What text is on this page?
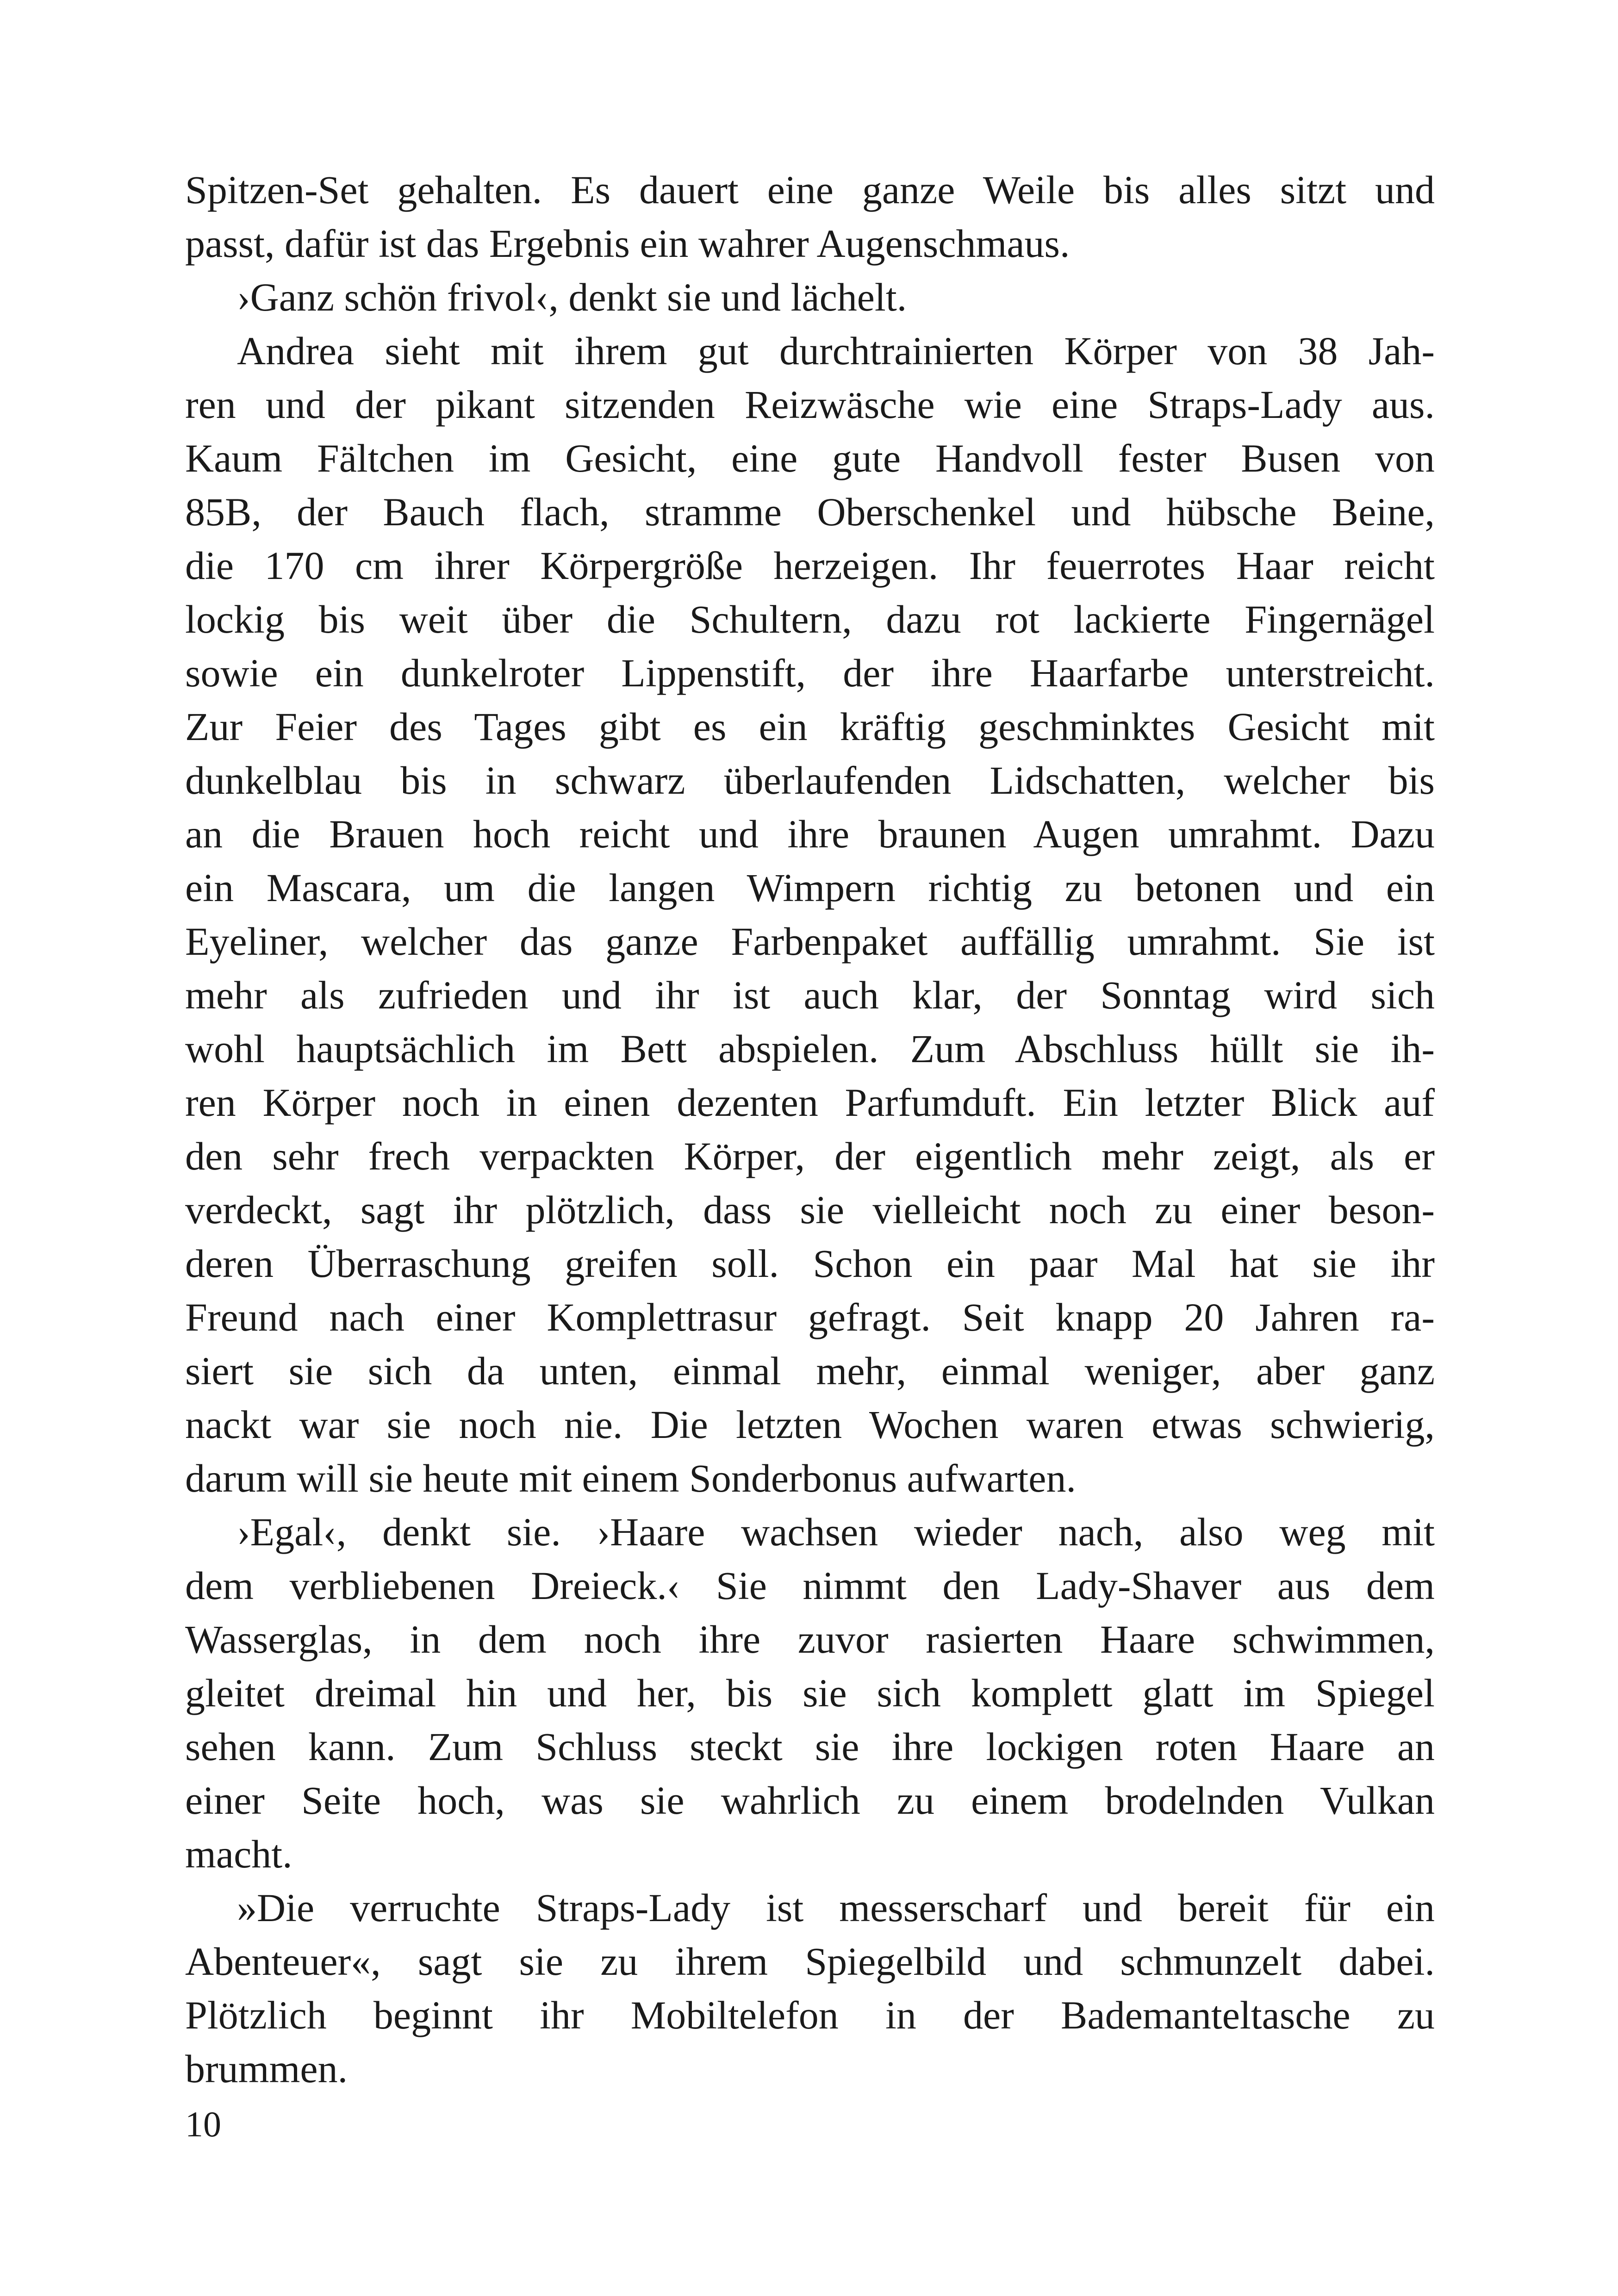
Spitzen-Set gehalten. Es dauert eine ganze Weile bis alles sitzt und
passt, dafür ist das Ergebnis ein wahrer Augenschmaus.
›Ganz schön frivol‹, denkt sie und lächelt.
Andrea sieht mit ihrem gut durchtrainierten Körper von 38 Jah-
ren und der pikant sitzenden Reizwäsche wie eine Straps-Lady aus.
Kaum Fältchen im Gesicht, eine gute Handvoll fester Busen von
85B, der Bauch flach, stramme Oberschenkel und hübsche Beine,
die 170 cm ihrer Körpergröße herzeigen. Ihr feuerrotes Haar reicht
lockig bis weit über die Schultern, dazu rot lackierte Fingernägel
sowie ein dunkelroter Lippenstift, der ihre Haarfarbe unterstreicht.
Zur Feier des Tages gibt es ein kräftig geschminktes Gesicht mit
dunkelblau bis in schwarz überlaufenden Lidschatten, welcher bis
an die Brauen hoch reicht und ihre braunen Augen umrahmt. Dazu
ein Mascara, um die langen Wimpern richtig zu betonen und ein
Eyeliner, welcher das ganze Farbenpaket auffällig umrahmt. Sie ist
mehr als zufrieden und ihr ist auch klar, der Sonntag wird sich
wohl hauptsächlich im Bett abspielen. Zum Abschluss hüllt sie ih-
ren Körper noch in einen dezenten Parfumduft. Ein letzter Blick auf
den sehr frech verpackten Körper, der eigentlich mehr zeigt, als er
verdeckt, sagt ihr plötzlich, dass sie vielleicht noch zu einer beson-
deren Überraschung greifen soll. Schon ein paar Mal hat sie ihr
Freund nach einer Komplettrasur gefragt. Seit knapp 20 Jahren ra-
siert sie sich da unten, einmal mehr, einmal weniger, aber ganz
nackt war sie noch nie. Die letzten Wochen waren etwas schwierig,
darum will sie heute mit einem Sonderbonus aufwarten.
›Egal‹, denkt sie. ›Haare wachsen wieder nach, also weg mit
dem verbliebenen Dreieck.‹ Sie nimmt den Lady-Shaver aus dem
Wasserglas, in dem noch ihre zuvor rasierten Haare schwimmen,
gleitet dreimal hin und her, bis sie sich komplett glatt im Spiegel
sehen kann. Zum Schluss steckt sie ihre lockigen roten Haare an
einer Seite hoch, was sie wahrlich zu einem brodelnden Vulkan
macht.
»Die verruchte Straps-Lady ist messerscharf und bereit für ein
Abenteuer«, sagt sie zu ihrem Spiegelbild und schmunzelt dabei.
Plötzlich beginnt ihr Mobiltelefon in der Bademanteltasche zu
brummen.
10
